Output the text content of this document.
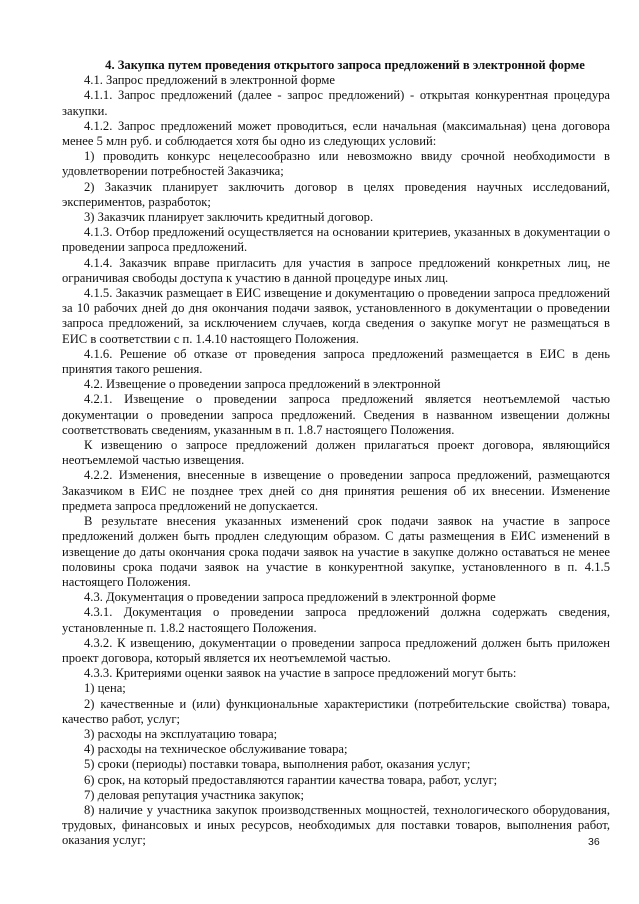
4. Закупка путем проведения открытого запроса предложений в электронной форме

4.1. Запрос предложений в электронной форме

4.1.1. Запрос предложений (далее - запрос предложений) - открытая конкурентная процедура закупки.

4.1.2. Запрос предложений может проводиться, если начальная (максимальная) цена договора менее 5 млн руб. и соблюдается хотя бы одно из следующих условий:

1) проводить конкурс нецелесообразно или невозможно ввиду срочной необходимости в удовлетворении потребностей Заказчика;

2) Заказчик планирует заключить договор в целях проведения научных исследований, экспериментов, разработок;

3) Заказчик планирует заключить кредитный договор.

4.1.3. Отбор предложений осуществляется на основании критериев, указанных в документации о проведении запроса предложений.

4.1.4. Заказчик вправе пригласить для участия в запросе предложений конкретных лиц, не ограничивая свободы доступа к участию в данной процедуре иных лиц.

4.1.5. Заказчик размещает в ЕИС извещение и документацию о проведении запроса предложений за 10 рабочих дней до дня окончания подачи заявок, установленного в документации о проведении запроса предложений, за исключением случаев, когда сведения о закупке могут не размещаться в ЕИС в соответствии с п. 1.4.10 настоящего Положения.

4.1.6. Решение об отказе от проведения запроса предложений размещается в ЕИС в день принятия такого решения.

4.2. Извещение о проведении запроса предложений в электронной

4.2.1. Извещение о проведении запроса предложений является неотъемлемой частью документации о проведении запроса предложений. Сведения в названном извещении должны соответствовать сведениям, указанным в п. 1.8.7 настоящего Положения.

К извещению о запросе предложений должен прилагаться проект договора, являющийся неотъемлемой частью извещения.

4.2.2. Изменения, внесенные в извещение о проведении запроса предложений, размещаются Заказчиком в ЕИС не позднее трех дней со дня принятия решения об их внесении. Изменение предмета запроса предложений не допускается.

В результате внесения указанных изменений срок подачи заявок на участие в запросе предложений должен быть продлен следующим образом. С даты размещения в ЕИС изменений в извещение до даты окончания срока подачи заявок на участие в закупке должно оставаться не менее половины срока подачи заявок на участие в конкурентной закупке, установленного в п. 4.1.5 настоящего Положения.

4.3. Документация о проведении запроса предложений в электронной форме

4.3.1. Документация о проведении запроса предложений должна содержать сведения, установленные п. 1.8.2 настоящего Положения.

4.3.2. К извещению, документации о проведении запроса предложений должен быть приложен проект договора, который является их неотъемлемой частью.

4.3.3. Критериями оценки заявок на участие в запросе предложений могут быть:

1) цена;

2) качественные и (или) функциональные характеристики (потребительские свойства) товара, качество работ, услуг;

3) расходы на эксплуатацию товара;

4) расходы на техническое обслуживание товара;

5) сроки (периоды) поставки товара, выполнения работ, оказания услуг;

6) срок, на который предоставляются гарантии качества товара, работ, услуг;

7) деловая репутация участника закупок;

8) наличие у участника закупок производственных мощностей, технологического оборудования, трудовых, финансовых и иных ресурсов, необходимых для поставки товаров, выполнения работ, оказания услуг;	36
